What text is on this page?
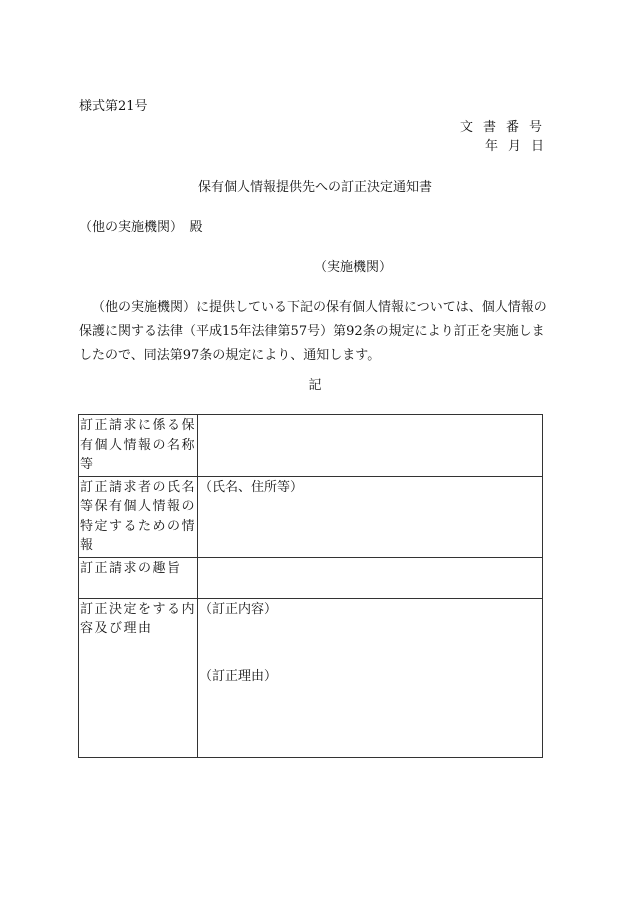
様式第21号
文書番号
年月日
保有個人情報提供先への訂正決定通知書
（他の実施機関）　殿
（実施機関）
（他の実施機関）に提供している下記の保有個人情報については、個人情報の保護に関する法律（平成15年法律第57号）第92条の規定により訂正を実施しましたので、同法第97条の規定により、通知します。
記
訂正請求に係る保有個人情報の名称等	
訂正請求者の氏名等保有個人情報の特定するための情報	（氏名、住所等）
訂正請求の趣旨	
訂正決定をする内容及び理由	（訂正内容）
（訂正理由）
